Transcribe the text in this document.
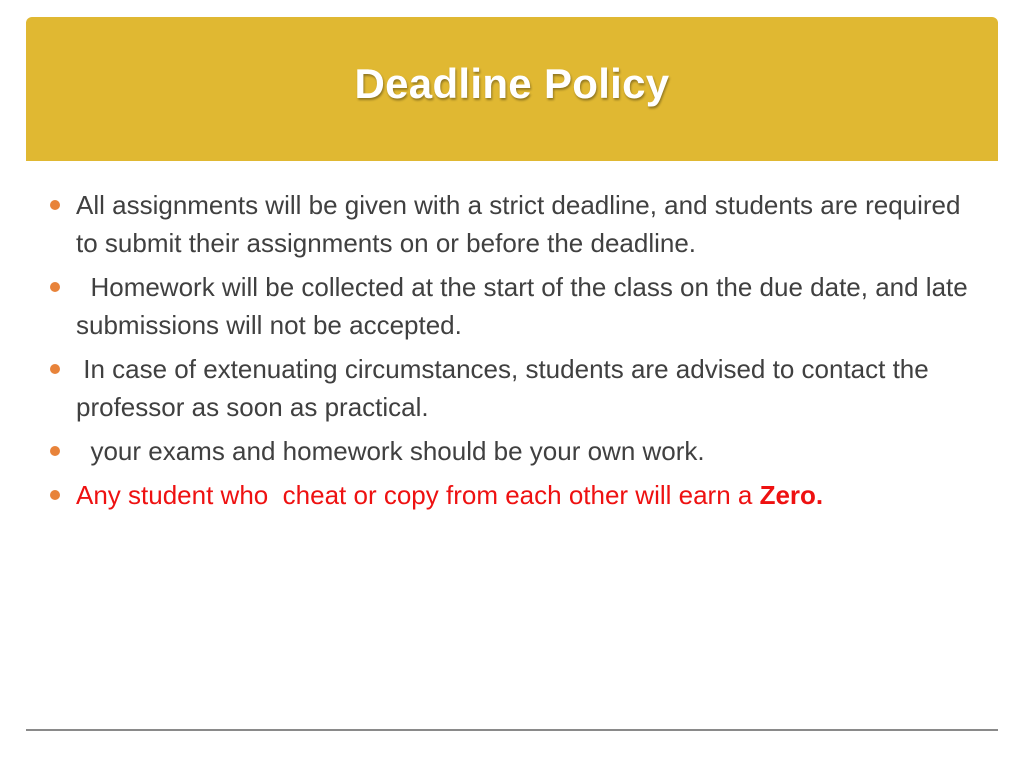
Deadline Policy
All assignments will be given with a strict deadline, and students are required to submit their assignments on or before the deadline.
Homework will be collected at the start of the class on the due date, and late submissions will not be accepted.
In case of extenuating circumstances, students are advised to contact the professor as soon as practical.
your exams and homework should be your own work.
Any student who  cheat or copy from each other will earn a Zero.
